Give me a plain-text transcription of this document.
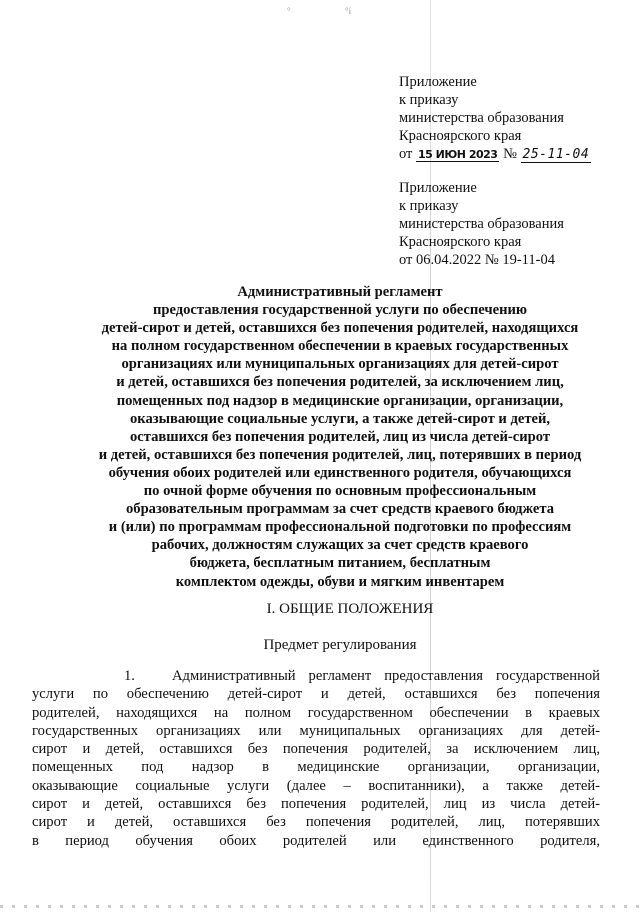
°	°í
Приложение
к приказу
министерства образования
Красноярского края
от 15 ИЮН 2023 № 25-11-04
Приложение
к приказу
министерства образования
Красноярского края
от 06.04.2022 № 19-11-04
Административный регламент
предоставления государственной услуги по обеспечению
детей-сирот и детей, оставшихся без попечения родителей, находящихся
на полном государственном обеспечении в краевых государственных
организациях или муниципальных организациях для детей-сирот
и детей, оставшихся без попечения родителей, за исключением лиц,
помещенных под надзор в медицинские организации, организации,
оказывающие социальные услуги, а также детей-сирот и детей,
оставшихся без попечения родителей, лиц из числа детей-сирот
и детей, оставшихся без попечения родителей, лиц, потерявших в период
обучения обоих родителей или единственного родителя, обучающихся
по очной форме обучения по основным профессиональным
образовательным программам за счет средств краевого бюджета
и (или) по программам профессиональной подготовки по профессиям
рабочих, должностям служащих за счет средств краевого
бюджета, бесплатным питанием, бесплатным
комплектом одежды, обуви и мягким инвентарем
I. ОБЩИЕ ПОЛОЖЕНИЯ
Предмет регулирования
1.	Административный регламент предоставления государственной
услуги по обеспечению детей-сирот и детей, оставшихся без попечения
родителей, находящихся на полном государственном обеспечении в краевых
государственных организациях или муниципальных организациях для детей-
сирот и детей, оставшихся без попечения родителей, за исключением лиц,
помещенных под надзор в медицинские организации, организации,
оказывающие социальные услуги (далее – воспитанники), а также детей-
сирот и детей, оставшихся без попечения родителей, лиц из числа детей-
сирот и детей, оставшихся без попечения родителей, лиц, потерявших
в период обучения обоих родителей или единственного родителя,
